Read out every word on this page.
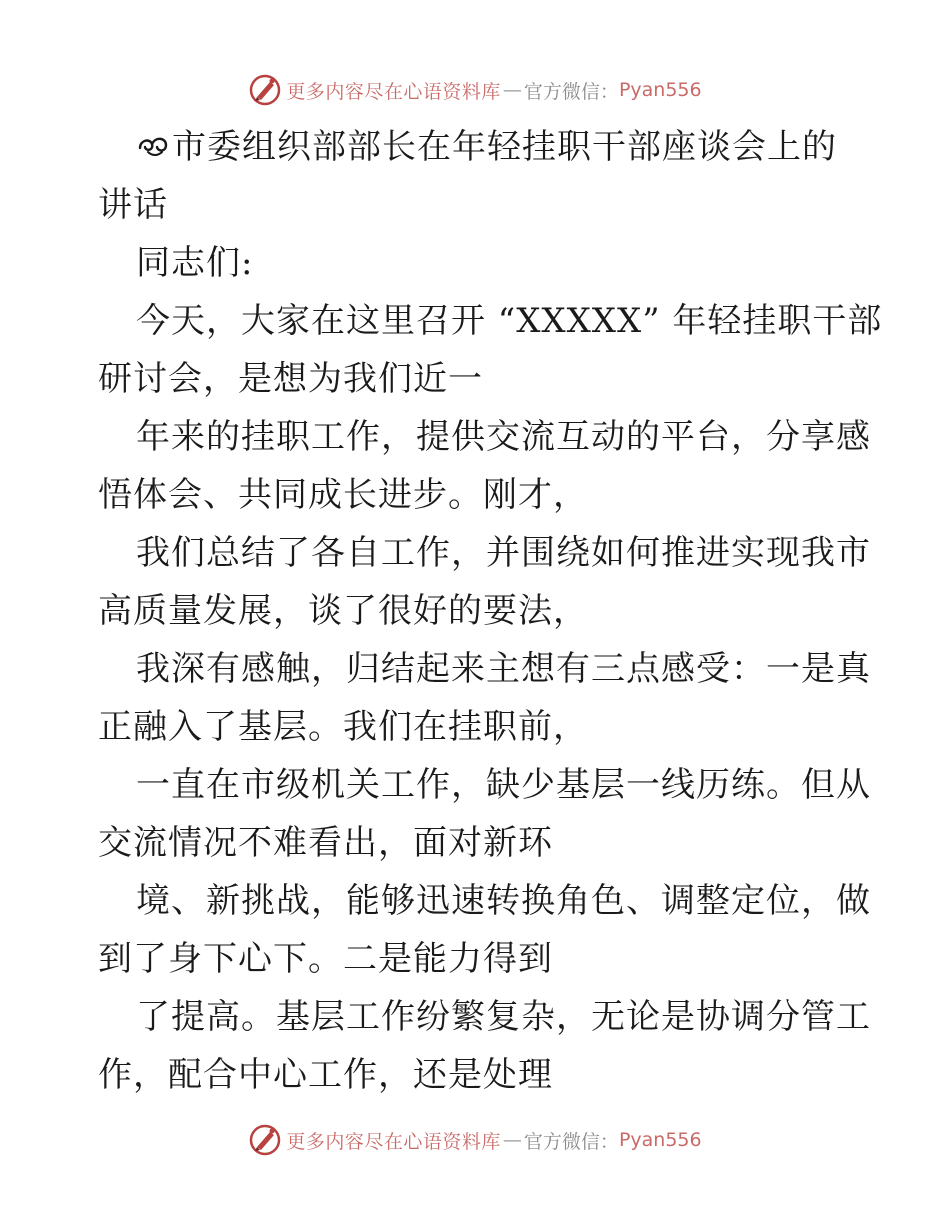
更多内容尽在心语资料库 — 官方微信： Pyan556
市委组织部部长在年轻挂职干部座谈会上的
讲话
同志们:
今天，大家在这里召开 “XXXXX” 年轻挂职干部
研讨会，是想为我们近一
年来的挂职工作，提供交流互动的平台，分享感
悟体会、共同成长进步。刚才，
我们总结了各自工作，并围绕如何推进实现我市
高质量发展，谈了很好的要法，
我深有感触，归结起来主想有三点感受：一是真
正融入了基层。我们在挂职前，
一直在市级机关工作，缺少基层一线历练。但从
交流情况不难看出，面对新环
境、新挑战，能够迅速转换角色、调整定位，做
到了身下心下。二是能力得到
了提高。基层工作纷繁复杂，无论是协调分管工
作，配合中心工作，还是处理
更多内容尽在心语资料库 — 官方微信： Pyan556
